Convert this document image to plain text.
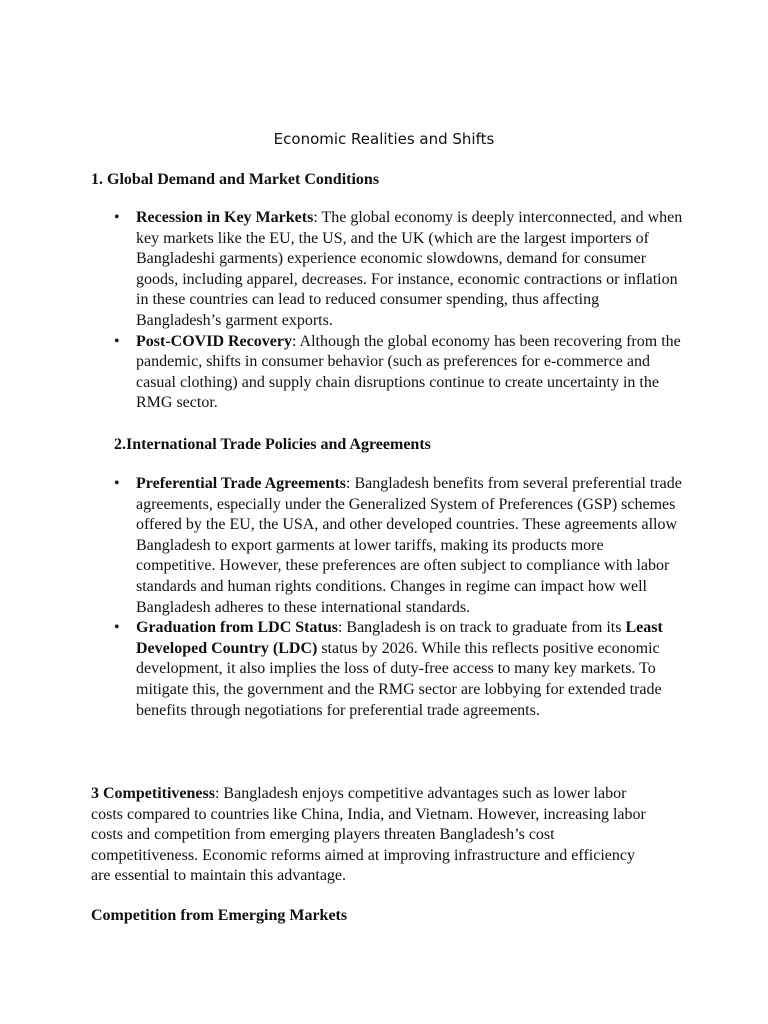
Economic Realities and Shifts
1. Global Demand and Market Conditions
• Recession in Key Markets: The global economy is deeply interconnected, and when key markets like the EU, the US, and the UK (which are the largest importers of Bangladeshi garments) experience economic slowdowns, demand for consumer goods, including apparel, decreases. For instance, economic contractions or inflation in these countries can lead to reduced consumer spending, thus affecting Bangladesh’s garment exports.
• Post-COVID Recovery: Although the global economy has been recovering from the pandemic, shifts in consumer behavior (such as preferences for e-commerce and casual clothing) and supply chain disruptions continue to create uncertainty in the RMG sector.
2.International Trade Policies and Agreements
• Preferential Trade Agreements: Bangladesh benefits from several preferential trade agreements, especially under the Generalized System of Preferences (GSP) schemes offered by the EU, the USA, and other developed countries. These agreements allow Bangladesh to export garments at lower tariffs, making its products more competitive. However, these preferences are often subject to compliance with labor standards and human rights conditions. Changes in regime can impact how well Bangladesh adheres to these international standards.
• Graduation from LDC Status: Bangladesh is on track to graduate from its Least Developed Country (LDC) status by 2026. While this reflects positive economic development, it also implies the loss of duty-free access to many key markets. To mitigate this, the government and the RMG sector are lobbying for extended trade benefits through negotiations for preferential trade agreements.
3 Competitiveness: Bangladesh enjoys competitive advantages such as lower labor costs compared to countries like China, India, and Vietnam. However, increasing labor costs and competition from emerging players threaten Bangladesh’s cost competitiveness. Economic reforms aimed at improving infrastructure and efficiency are essential to maintain this advantage.
Competition from Emerging Markets
